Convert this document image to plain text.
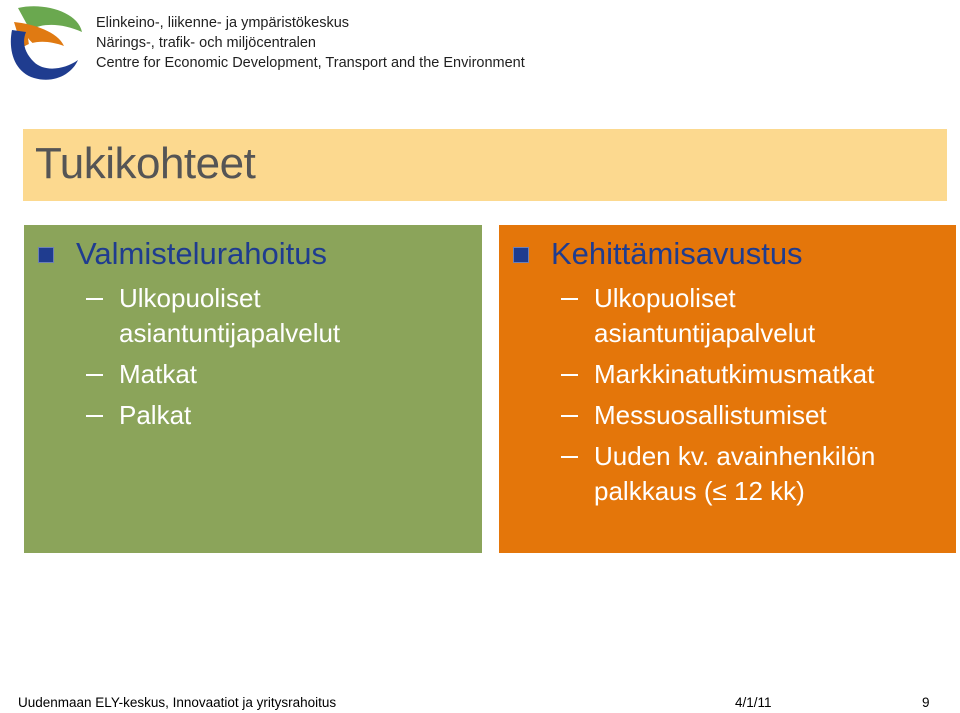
Elinkeino-, liikenne- ja ympäristökeskus
Närings-, trafik- och miljöcentralen
Centre for Economic Development, Transport and the Environment
Tukikohteet
Valmistelurahoitus
Ulkopuoliset asiantuntijapalvelut
Matkat
Palkat
Kehittämisavustus
Ulkopuoliset asiantuntijapalvelut
Markkinatutkimusmatkat
Messuosallistumiset
Uuden kv. avainhenkilön palkkaus (≤ 12 kk)
Uudenmaan ELY-keskus, Innovaatiot ja yritysrahoitus	4/1/11	9
